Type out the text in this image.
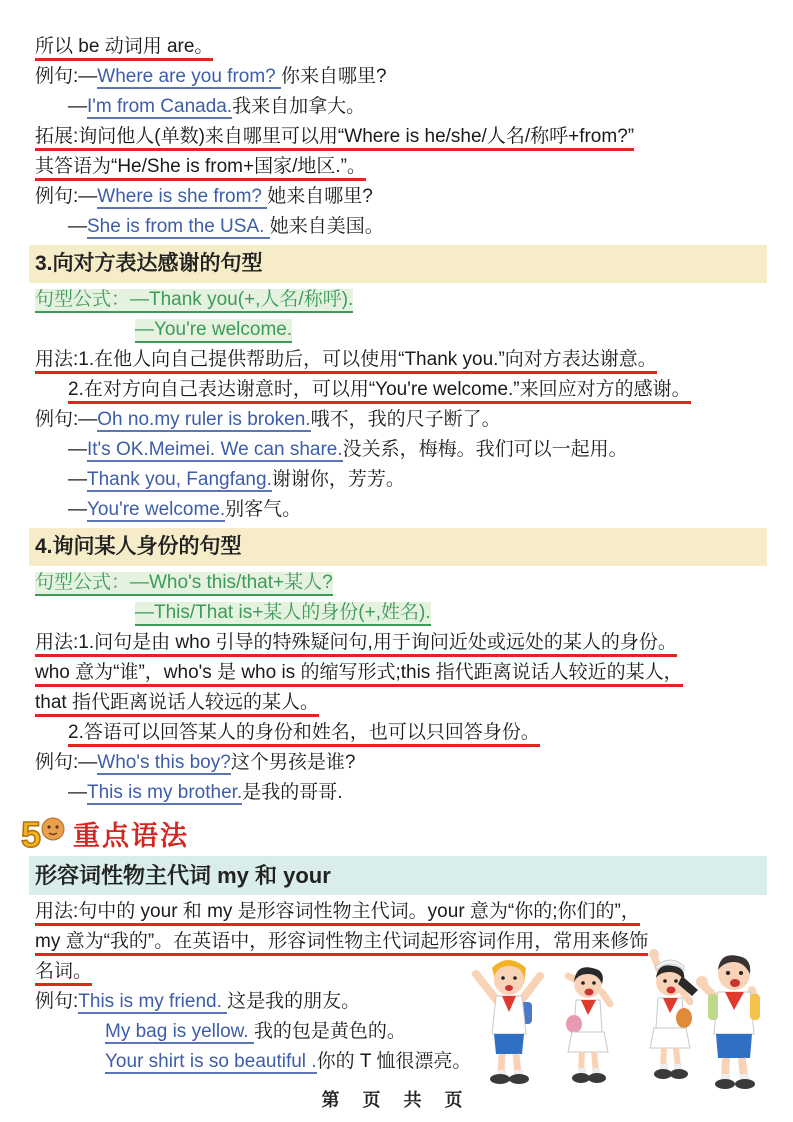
所以 be 动词用 are。
例句:—Where are you from? 你来自哪里?
—I'm from Canada.我来自加拿大。
拓展:询问他人(单数)来自哪里可以用“Where is he/she/人名/称呼+from?”
其答语为“He/She is from+国家/地区.”。
例句:—Where is she from? 她来自哪里?
—She is from the USA. 她来自美国。
3.向对方表达感谢的句型
句型公式：—Thank you(+,人名/称呼).
—You're welcome.
用法:1.在他人向自己提供帮助后，可以使用“Thank you.”向对方表达谢意。
2.在对方向自己表达谢意时，可以用“You're welcome.”来回应对方的感谢。
例句:—Oh no.my ruler is broken.哦不，我的尺子断了。
—It's OK.Meimei. We can share.没关系，梅梅。我们可以一起用。
—Thank you, Fangfang.谢谢你，芳芳。
—You're welcome.别客气。
4.询问某人身份的句型
句型公式：—Who's this/that+某人?
—This/That is+某人的身份(+,姓名).
用法:1.问句是由 who 引导的特殊疑问句,用于询问近处或远处的某人的身份。
who 意为“谁”，who's 是 who is 的缩写形式;this 指代距离说话人较近的某人，
that 指代距离说话人较远的某人。
2.答语可以回答某人的身份和姓名，也可以只回答身份。
例句:—Who's this boy?这个男孩是谁?
—This is my brother.是我的哥哥.
5 重点语法
形容词性物主代词 my 和 your
用法:句中的 your 和 my 是形容词性物主代词。your 意为“你的;你们的”，
my 意为“我的”。在英语中，形容词性物主代词起形容词作用，常用来修饰
名词。
例句:This is my friend. 这是我的朋友。
My bag is yellow. 我的包是黄色的。
Your shirt is so beautiful .你的 T 恤很漂亮。
第 页 共 页
